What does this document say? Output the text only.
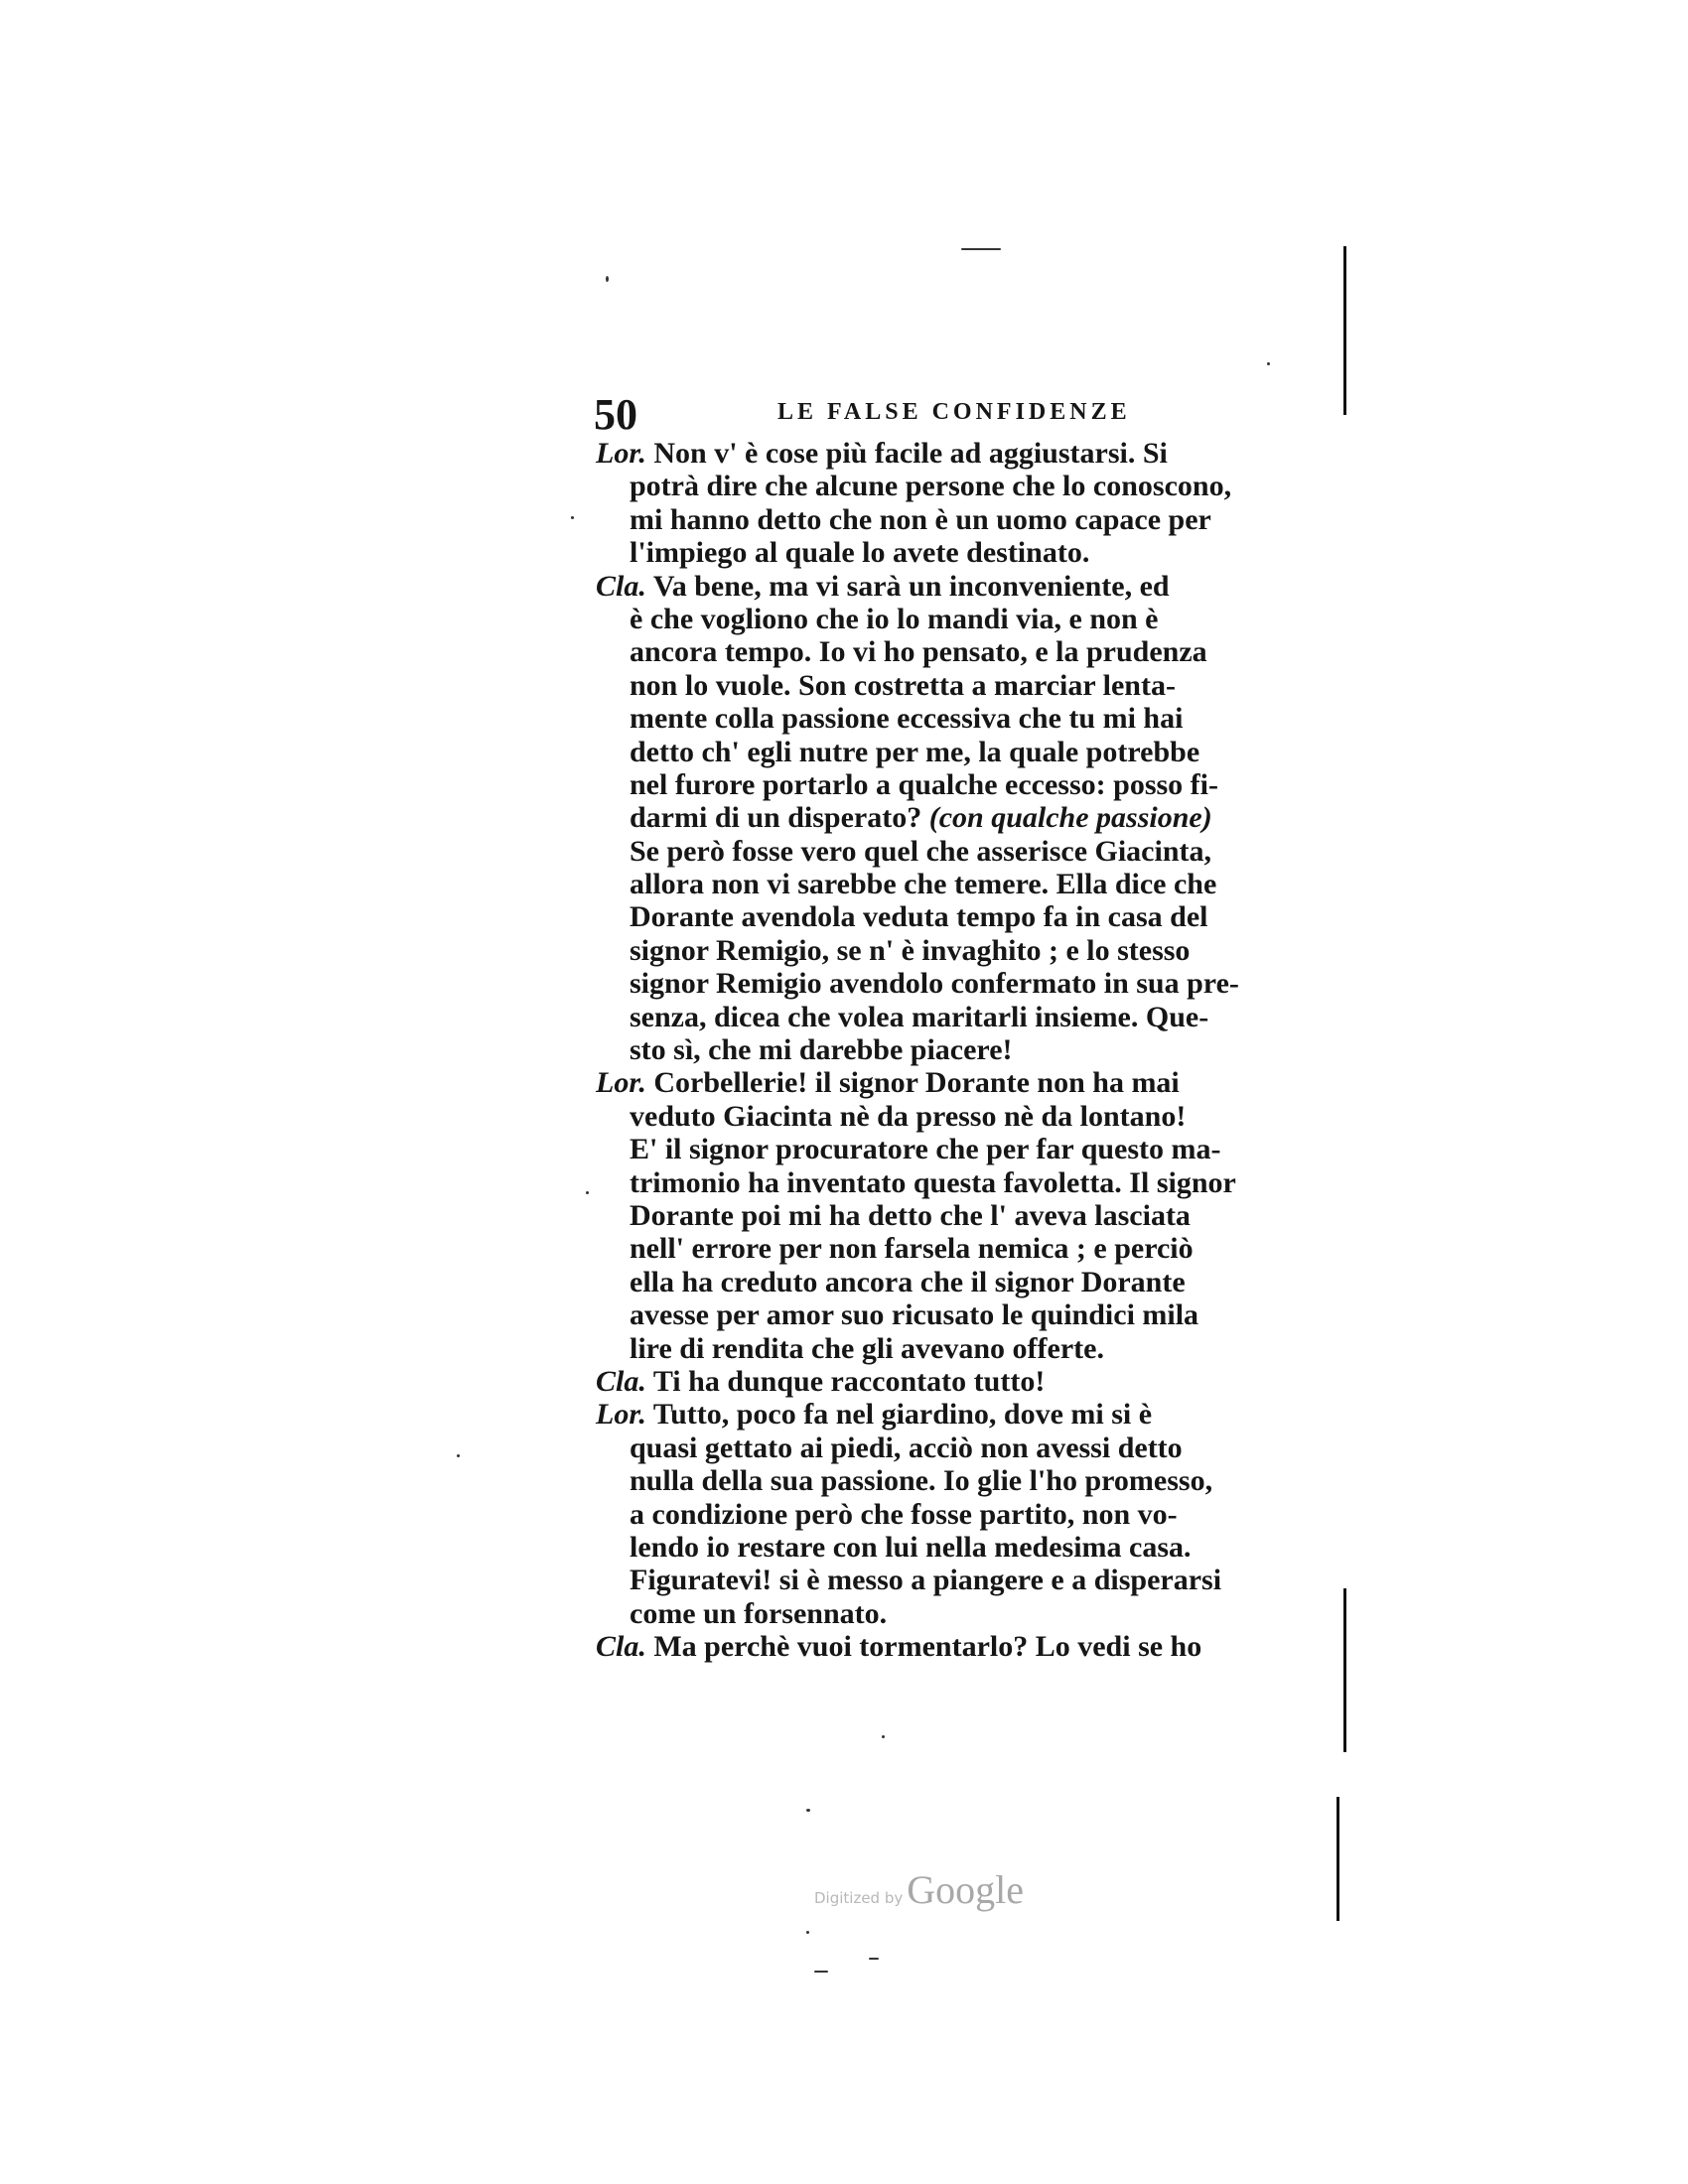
50	LE FALSE CONFIDENZE
Lor. Non v' è cose più facile ad aggiustarsi. Si
potrà dire che alcune persone che lo conoscono,
mi hanno detto che non è un uomo capace per
l'impiego al quale lo avete destinato.
Cla. Va bene, ma vi sarà un inconveniente, ed
è che vogliono che io lo mandi via, e non è
ancora tempo. Io vi ho pensato, e la prudenza
non lo vuole. Son costretta a marciar lenta-
mente colla passione eccessiva che tu mi hai
detto ch' egli nutre per me, la quale potrebbe
nel furore portarlo a qualche eccesso: posso fi-
darmi di un disperato? (con qualche passione)
Se però fosse vero quel che asserisce Giacinta,
allora non vi sarebbe che temere. Ella dice che
Dorante avendola veduta tempo fa in casa del
signor Remigio, se n' è invaghito ; e lo stesso
signor Remigio avendolo confermato in sua pre-
senza, dicea che volea maritarli insieme. Que-
sto sì, che mi darebbe piacere!
Lor. Corbellerie! il signor Dorante non ha mai
veduto Giacinta nè da presso nè da lontano!
E' il signor procuratore che per far questo ma-
trimonio ha inventato questa favoletta. Il signor
Dorante poi mi ha detto che l' aveva lasciata
nell' errore per non farsela nemica ; e perciò
ella ha creduto ancora che il signor Dorante
avesse per amor suo ricusato le quindici mila
lire di rendita che gli avevano offerte.
Cla. Ti ha dunque raccontato tutto!
Lor. Tutto, poco fa nel giardino, dove mi si è
quasi gettato ai piedi, acciò non avessi detto
nulla della sua passione. Io glie l'ho promesso,
a condizione però che fosse partito, non vo-
lendo io restare con lui nella medesima casa.
Figuratevi! si è messo a piangere e a disperarsi
come un forsennato.
Cla. Ma perchè vuoi tormentarlo? Lo vedi se ho
Digitized by Google
